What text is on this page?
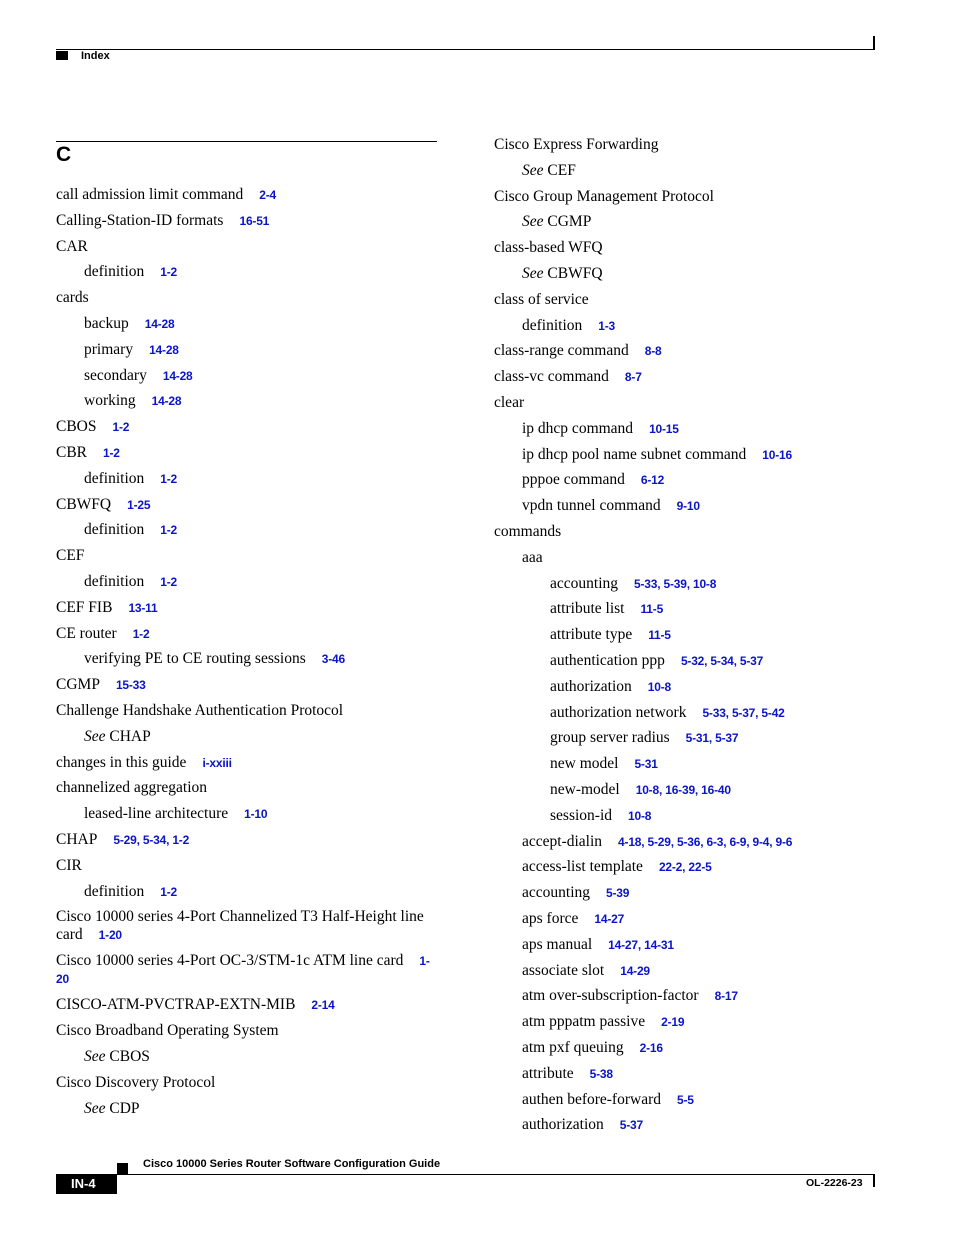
Index
C
call admission limit command 2-4
Calling-Station-ID formats 16-51
CAR
definition 1-2
cards
backup 14-28
primary 14-28
secondary 14-28
working 14-28
CBOS 1-2
CBR 1-2
definition 1-2
CBWFQ 1-25
definition 1-2
CEF
definition 1-2
CEF FIB 13-11
CE router 1-2
verifying PE to CE routing sessions 3-46
CGMP 15-33
Challenge Handshake Authentication Protocol
See CHAP
changes in this guide i-xxiii
channelized aggregation
leased-line architecture 1-10
CHAP 5-29, 5-34, 1-2
CIR
definition 1-2
Cisco 10000 series 4-Port Channelized T3 Half-Height line card 1-20
Cisco 10000 series 4-Port OC-3/STM-1c ATM line card 1-20
CISCO-ATM-PVCTRAP-EXTN-MIB 2-14
Cisco Broadband Operating System
See CBOS
Cisco Discovery Protocol
See CDP
Cisco Express Forwarding
See CEF
Cisco Group Management Protocol
See CGMP
class-based WFQ
See CBWFQ
class of service
definition 1-3
class-range command 8-8
class-vc command 8-7
clear
ip dhcp command 10-15
ip dhcp pool name subnet command 10-16
pppoe command 6-12
vpdn tunnel command 9-10
commands
aaa
accounting 5-33, 5-39, 10-8
attribute list 11-5
attribute type 11-5
authentication ppp 5-32, 5-34, 5-37
authorization 10-8
authorization network 5-33, 5-37, 5-42
group server radius 5-31, 5-37
new model 5-31
new-model 10-8, 16-39, 16-40
session-id 10-8
accept-dialin 4-18, 5-29, 5-36, 6-3, 6-9, 9-4, 9-6
access-list template 22-2, 22-5
accounting 5-39
aps force 14-27
aps manual 14-27, 14-31
associate slot 14-29
atm over-subscription-factor 8-17
atm pppatm passive 2-19
atm pxf queuing 2-16
attribute 5-38
authen before-forward 5-5
authorization 5-37
Cisco 10000 Series Router Software Configuration Guide
IN-4	OL-2226-23
